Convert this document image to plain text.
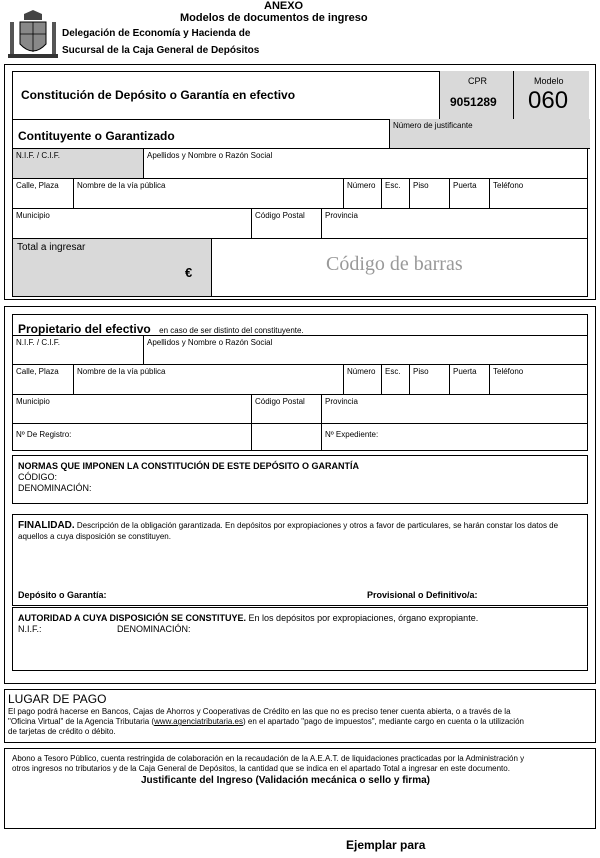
ANEXO
Modelos de documentos de ingreso
Delegación de Economía y Hacienda de
Sucursal de la Caja General de Depósitos
Constitución de Depósito o Garantía en efectivo
CPR
9051289
Modelo
060
Contituyente o Garantizado
Número de justificante
N.I.F. / C.I.F.	Apellidos y Nombre o Razón Social
Calle, Plaza Nombre de la vía pública	Número Esc. Piso	Puerta Teléfono
Municipio	Código Postal	Provincia
Total a ingresar
€	Código de barras
Propietario del efectivo en caso de ser distinto del constituyente.
N.I.F. / C.I.F.	Apellidos y Nombre o Razón Social
Calle, Plaza Nombre de la vía pública	Número Esc. Piso	Puerta Teléfono
Municipio	Código Postal	Provincia
Nº De Registro:	Nº Expediente:
NORMAS QUE IMPONEN LA CONSTITUCIÓN DE ESTE DEPÓSITO O GARANTÍA
CÓDIGO:
DENOMINACIÓN:
FINALIDAD. Descripción de la obligación garantizada. En depósitos por expropiaciones y otros a favor de particulares, se harán constar los datos de aquellos a cuya disposición se constituyen.
Depósito o Garantía:	Provisional o Definitivo/a:
AUTORIDAD A CUYA DISPOSICIÓN SE CONSTITUYE. En los depósitos por expropiaciones, órgano expropiante.
N.I.F.:	DENOMINACIÓN:
LUGAR DE PAGO
El pago podrá hacerse en Bancos, Cajas de Ahorros y Cooperativas de Crédito en las que no es preciso tener cuenta abierta, o a través de la
"Oficina Virtual" de la Agencia Tributaria (www.agenciatributaria.es) en el apartado "pago de impuestos", mediante cargo en cuenta o la utilización
de tarjetas de crédito o débito.
Abono a Tesoro Público, cuenta restringida de colaboración en la recaudación de la A.E.A.T. de liquidaciones practicadas por la Administración y
otros ingresos no tributarios y de la Caja General de Depósitos, la cantidad que se indica en el apartado Total a ingresar en este documento.
Justificante del Ingreso (Validación mecánica o sello y firma)
Ejemplar para
